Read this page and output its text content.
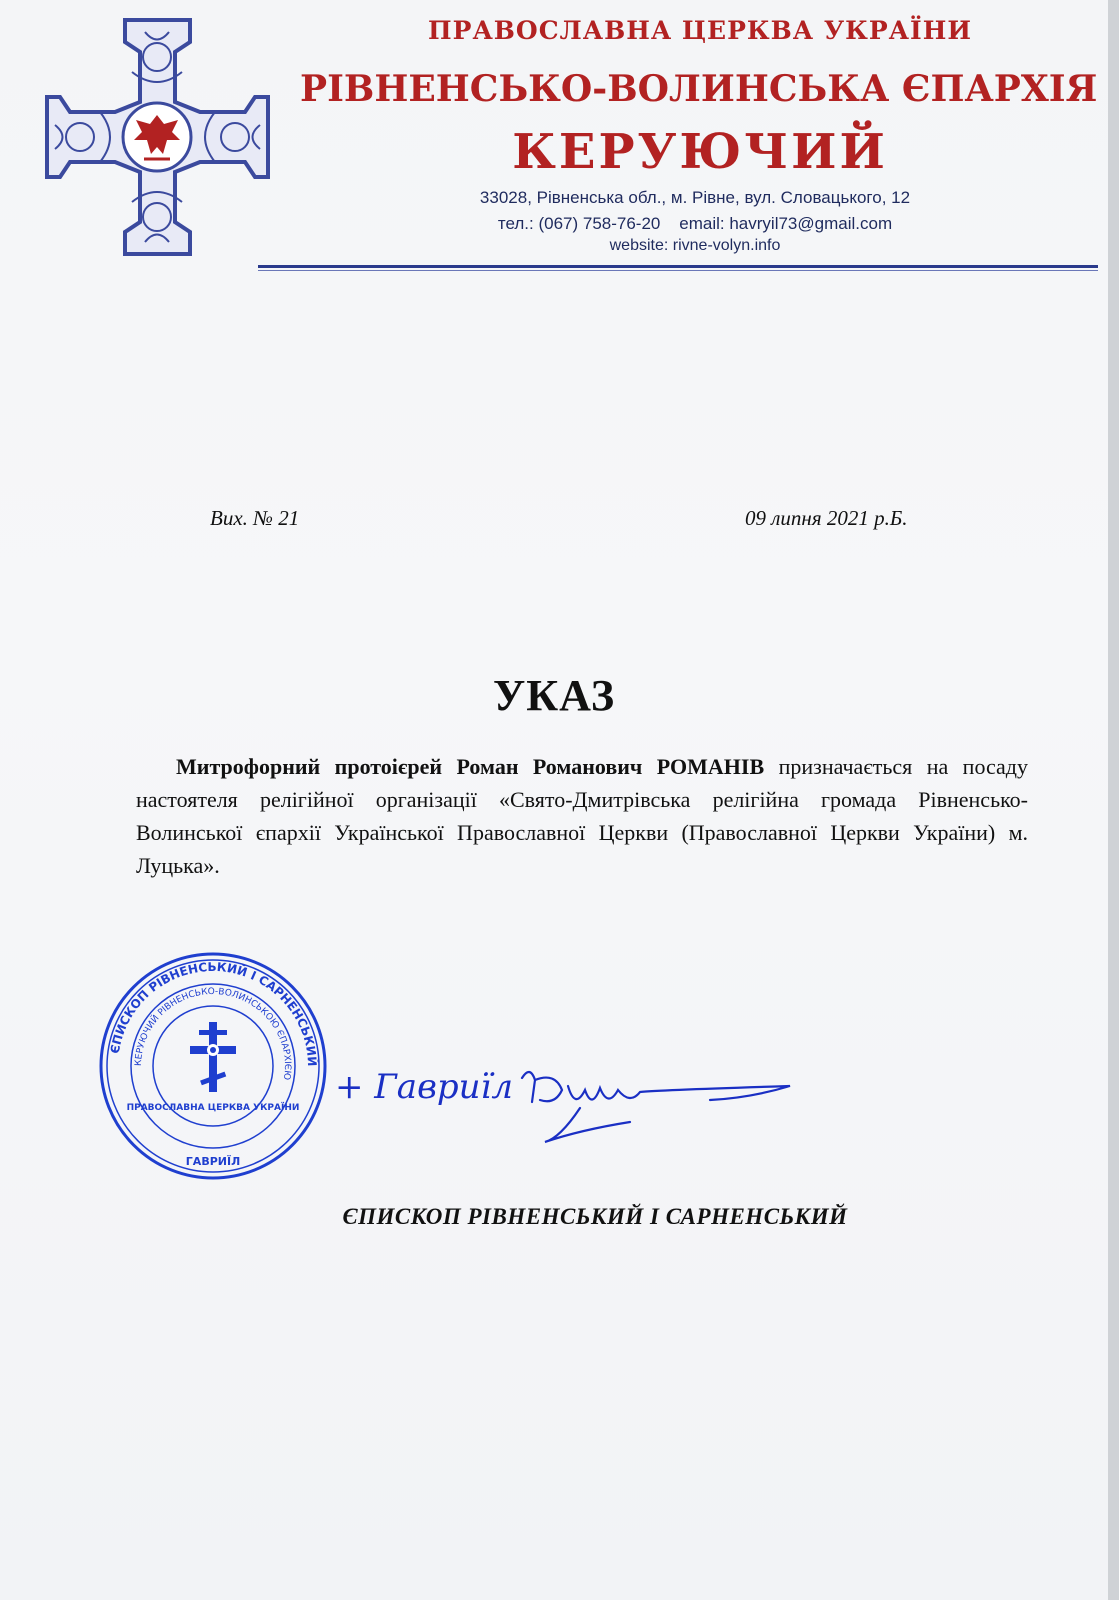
ПРАВОСЛАВНА ЦЕРКВА УКРАЇНИ
РІВНЕНСЬКО-ВОЛИНСЬКА ЄПАРХІЯ
КЕРУЮЧИЙ
33028, Рівненська обл., м. Рівне, вул. Словацького, 12
тел.: (067) 758-76-20 email: havryil73@gmail.com
website: rivne-volyn.info
Вих. № 21	09 липня 2021 р.Б.
УКАЗ

Митрофорний протоієрей Роман Романович РОМАНІВ призначається на посаду настоятеля релігійної організації «Свято-Дмитрівська релігійна громада Рівненсько-Волинської єпархії Української Православної Церкви (Православної Церкви України) м. Луцька».

ЄПИСКОП РІВНЕНСЬКИЙ І САРНЕНСЬКИЙ
КЕРУЮЧИЙ РІВНЕНСЬКО-ВОЛИНСЬКОЮ ЄПАРХІЄЮ
ПРАВОСЛАВНА ЦЕРКВА УКРАЇНИ
ГАВРИЇЛ
+ Гавриїл
ЄПИСКОП РІВНЕНСЬКИЙ І САРНЕНСЬКИЙ
